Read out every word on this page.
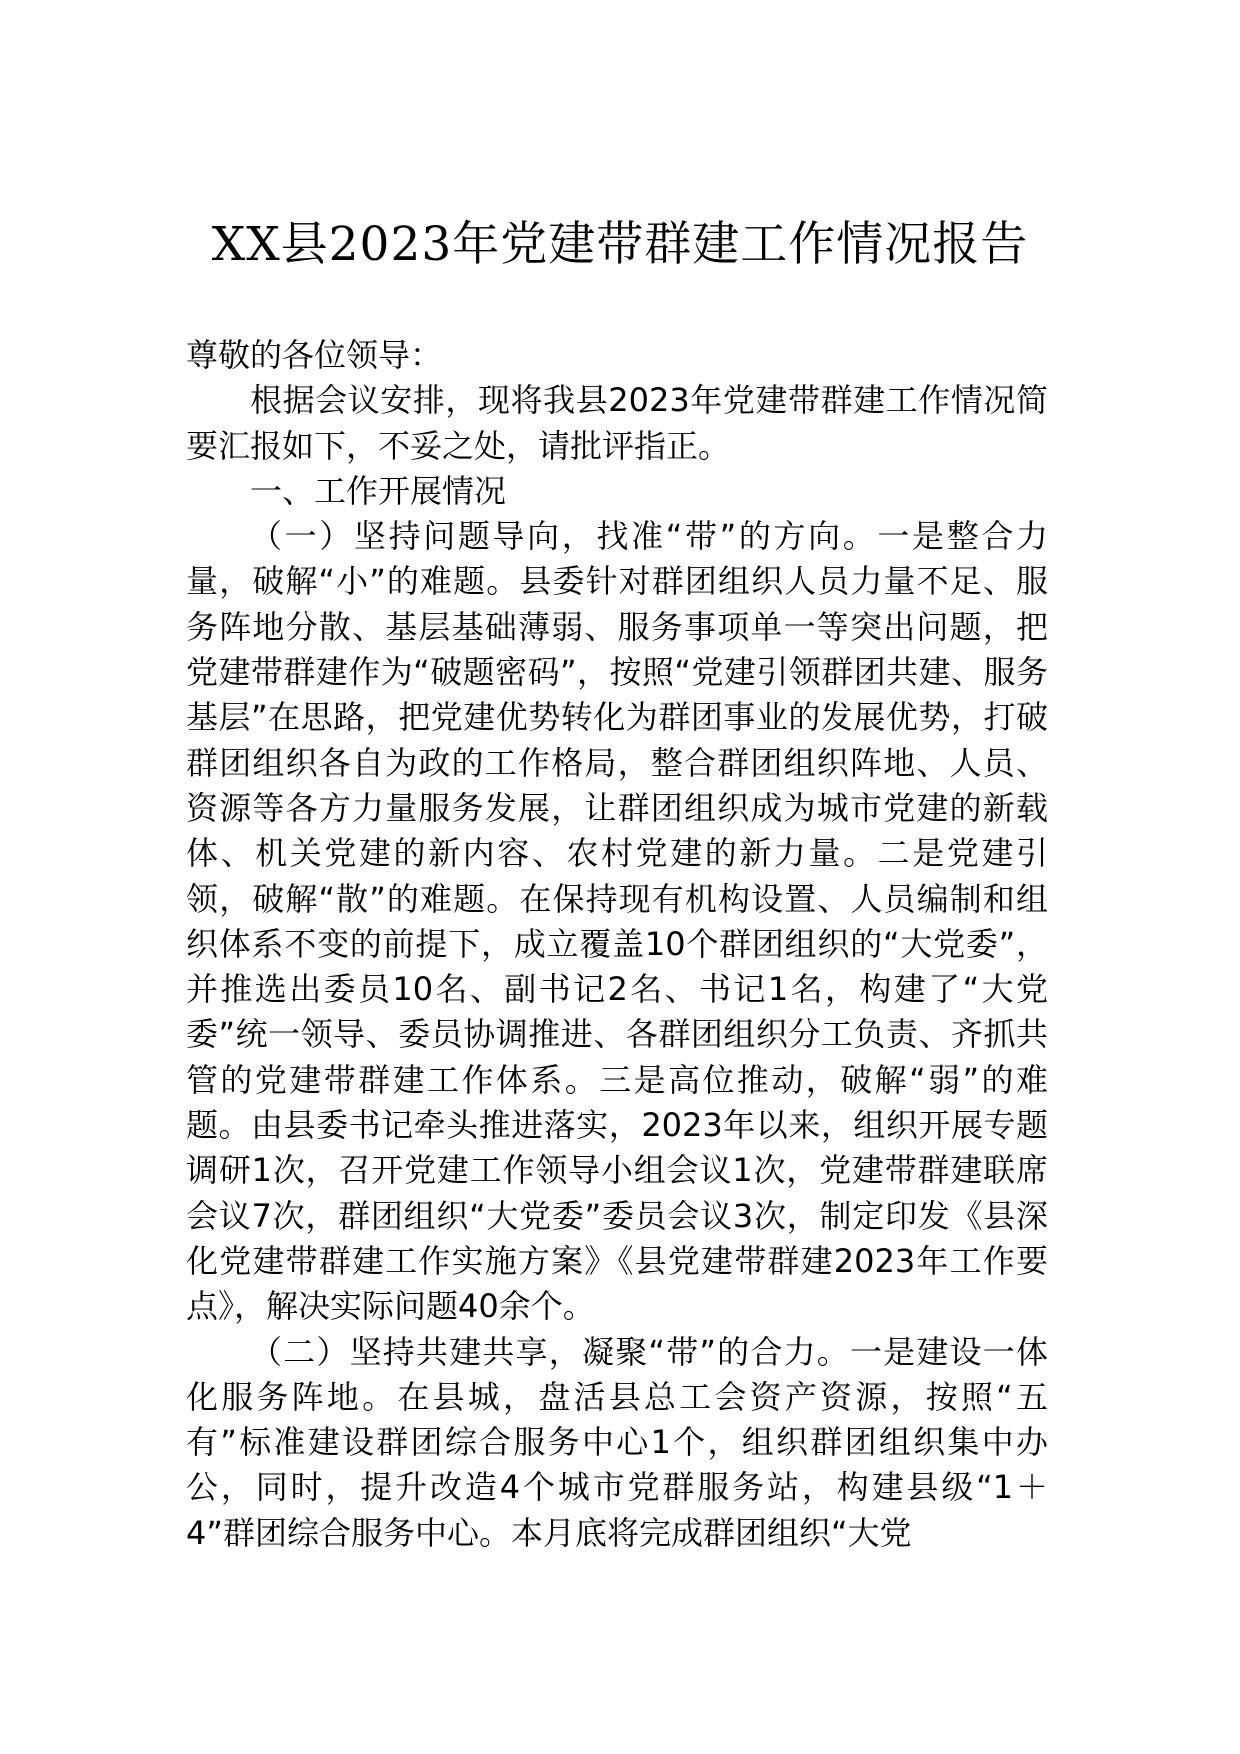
XX县2023年党建带群建工作情况报告

尊敬的各位领导：

根据会议安排，现将我县2023年党建带群建工作情况简要汇报如下，不妥之处，请批评指正。

一、工作开展情况

（一）坚持问题导向，找准“带”的方向。一是整合力量，破解“小”的难题。县委针对群团组织人员力量不足、服务阵地分散、基层基础薄弱、服务事项单一等突出问题，把党建带群建作为“破题密码”，按照“党建引领群团共建、服务基层”在思路，把党建优势转化为群团事业的发展优势，打破群团组织各自为政的工作格局，整合群团组织阵地、人员、资源等各方力量服务发展，让群团组织成为城市党建的新载体、机关党建的新内容、农村党建的新力量。二是党建引领，破解“散”的难题。在保持现有机构设置、人员编制和组织体系不变的前提下，成立覆盖10个群团组织的“大党委”，并推选出委员10名、副书记2名、书记1名，构建了“大党委”统一领导、委员协调推进、各群团组织分工负责、齐抓共管的党建带群建工作体系。三是高位推动，破解“弱”的难题。由县委书记牵头推进落实，2023年以来，组织开展专题调研1次，召开党建工作领导小组会议1次，党建带群建联席会议7次，群团组织“大党委”委员会议3次，制定印发《县深化党建带群建工作实施方案》《县党建带群建2023年工作要点》，解决实际问题40余个。

（二）坚持共建共享，凝聚“带”的合力。一是建设一体化服务阵地。在县城，盘活县总工会资产资源，按照“五有”标准建设群团综合服务中心1个，组织群团组织集中办公，同时，提升改造4个城市党群服务站，构建县级“1＋4”群团综合服务中心。本月底将完成群团组织“大党
